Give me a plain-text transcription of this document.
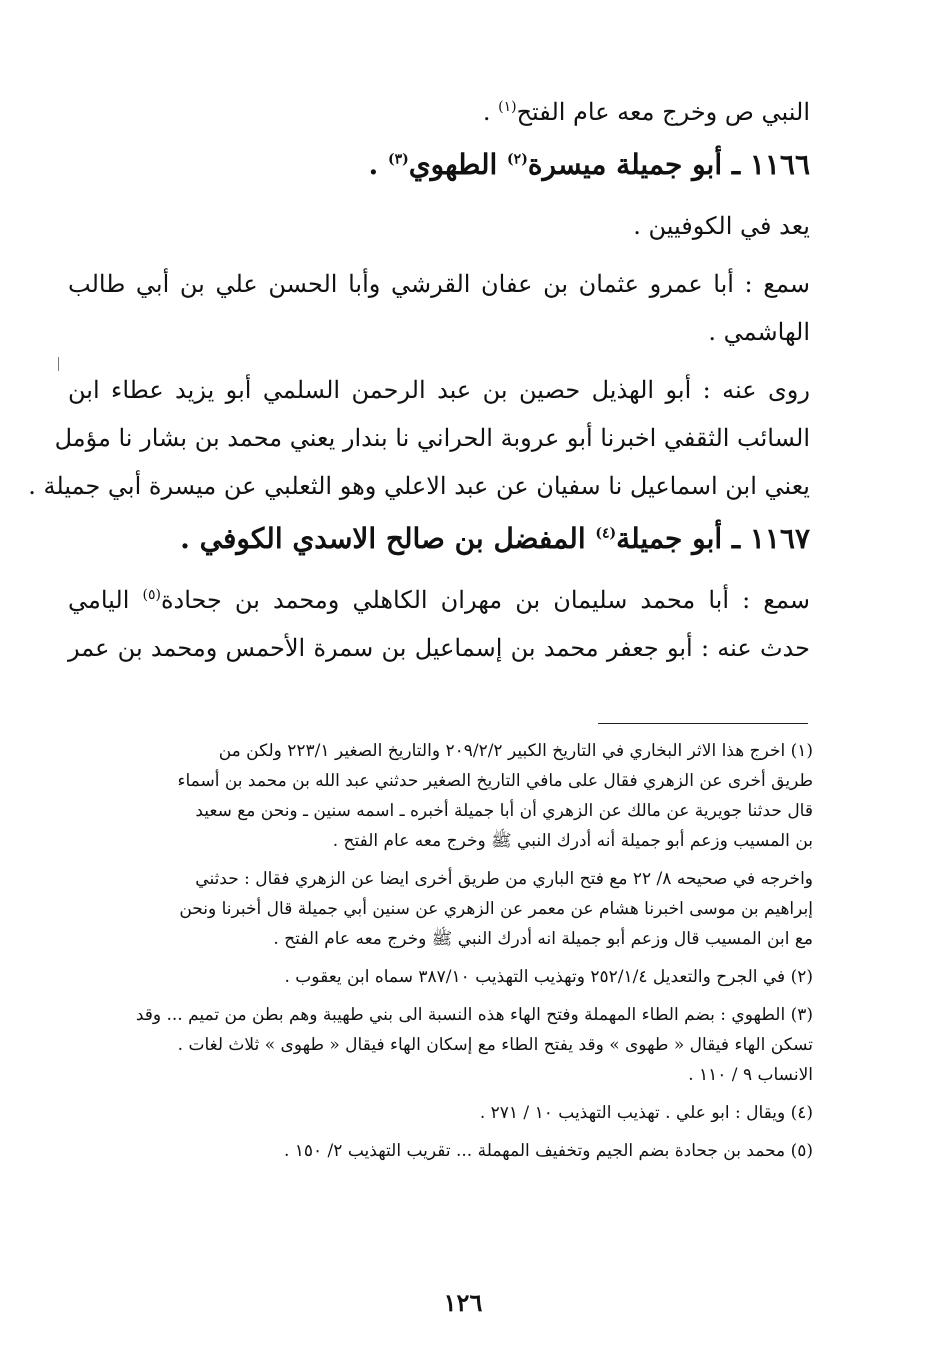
النبي ص وخرج معه عام الفتح$^{(١)}$ .
١١٦٦ ـ أبو جميلة ميسرة$^{(٢)}$ الطهوي$^{(٣)}$ .
يعد في الكوفيين .
سمع : أبا عمرو عثمان بن عفان القرشي وأبا الحسن علي بن أبي طالب
الهاشمي .
روى عنه : أبو الهذيل حصين بن عبد الرحمن السلمي أبو يزيد عطاء ابن
السائب الثقفي اخبرنا أبو عروبة الحراني نا بندار يعني محمد بن بشار نا مؤمل
يعني ابن اسماعيل نا سفيان عن عبد الاعلي وهو الثعلبي عن ميسرة أبي جميلة .
١١٦٧ ـ أبو جميلة$^{(٤)}$ المفضل بن صالح الاسدي الكوفي .
سمع : أبا محمد سليمان بن مهران الكاهلي ومحمد بن جحادة$^{(٥)}$ اليامي
حدث عنه : أبو جعفر محمد بن إسماعيل بن سمرة الأحمس ومحمد بن عمر
(١) اخرج هذا الاثر البخاري في التاريخ الكبير ٢٠٩/٢/٢ والتاريخ الصغير ٢٢٣/١ ولكن من
طريق أخرى عن الزهري فقال على مافي التاريخ الصغير حدثني عبد الله بن محمد بن أسماء
قال حدثنا جويرية عن مالك عن الزهري أن أبا جميلة أخبره ـ اسمه سنين ـ ونحن مع سعيد
بن المسيب وزعم أبو جميلة أنه أدرك النبي ﷺ وخرج معه عام الفتح .
واخرجه في صحيحه ٨/ ٢٢ مع فتح الباري من طريق أخرى ايضا عن الزهري فقال : حدثني
إبراهيم بن موسى اخبرنا هشام عن معمر عن الزهري عن سنين أبي جميلة قال أخبرنا ونحن
مع ابن المسيب قال وزعم أبو جميلة انه أدرك النبي ﷺ وخرج معه عام الفتح .
(٢) في الجرح والتعديل ٢٥٢/١/٤ وتهذيب التهذيب ٣٨٧/١٠ سماه ابن يعقوب .
(٣) الطهوي : بضم الطاء المهملة وفتح الهاء هذه النسبة الى بني طهيبة وهم بطن من تميم ... وقد
تسكن الهاء فيقال « طهوى » وقد يفتح الطاء مع إسكان الهاء فيقال « طهوى » ثلاث لغات .
الانساب ٩ / ١١٠ .
(٤) ويقال : ابو علي . تهذيب التهذيب ١٠ / ٢٧١ .
(٥) محمد بن جحادة بضم الجيم وتخفيف المهملة ... تقريب التهذيب ٢/ ١٥٠ .
١٢٦
